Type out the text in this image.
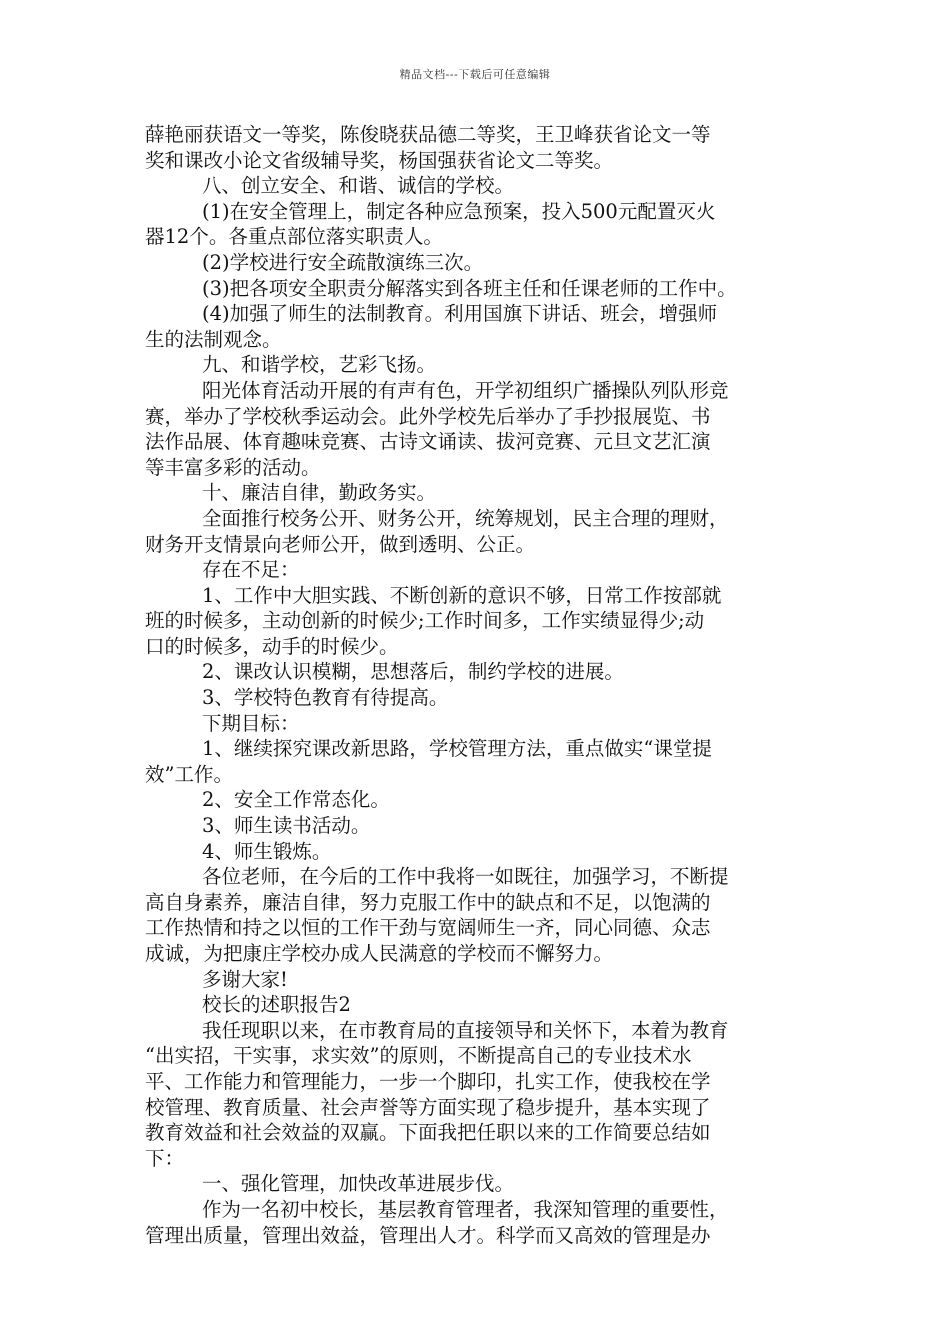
精品文档---下载后可任意编辑
薛艳丽获语文一等奖，陈俊晓获品德二等奖，王卫峰获省论文一等
奖和课改小论文省级辅导奖，杨国强获省论文二等奖。
八、创立安全、和谐、诚信的学校。
(1)在安全管理上，制定各种应急预案，投入500元配置灭火
器12个。各重点部位落实职责人。
(2)学校进行安全疏散演练三次。
(3)把各项安全职责分解落实到各班主任和任课老师的工作中。
(4)加强了师生的法制教育。利用国旗下讲话、班会，增强师
生的法制观念。
九、和谐学校，艺彩飞扬。
阳光体育活动开展的有声有色，开学初组织广播操队列队形竞
赛，举办了学校秋季运动会。此外学校先后举办了手抄报展览、书
法作品展、体育趣味竞赛、古诗文诵读、拔河竞赛、元旦文艺汇演
等丰富多彩的活动。
十、廉洁自律，勤政务实。
全面推行校务公开、财务公开，统筹规划，民主合理的理财，
财务开支情景向老师公开，做到透明、公正。
存在不足：
1、工作中大胆实践、不断创新的意识不够，日常工作按部就
班的时候多，主动创新的时候少;工作时间多，工作实绩显得少;动
口的时候多，动手的时候少。
2、课改认识模糊，思想落后，制约学校的进展。
3、学校特色教育有待提高。
下期目标：
1、继续探究课改新思路，学校管理方法，重点做实“课堂提
效”工作。
2、安全工作常态化。
3、师生读书活动。
4、师生锻炼。
各位老师，在今后的工作中我将一如既往，加强学习，不断提
高自身素养，廉洁自律，努力克服工作中的缺点和不足，以饱满的
工作热情和持之以恒的工作干劲与宽阔师生一齐，同心同德、众志
成诚，为把康庄学校办成人民满意的学校而不懈努力。
多谢大家!
校长的述职报告2
我任现职以来，在市教育局的直接领导和关怀下，本着为教育
“出实招，干实事，求实效”的原则，不断提高自己的专业技术水
平、工作能力和管理能力，一步一个脚印，扎实工作，使我校在学
校管理、教育质量、社会声誉等方面实现了稳步提升，基本实现了
教育效益和社会效益的双赢。下面我把任职以来的工作简要总结如
下：
一、强化管理，加快改革进展步伐。
作为一名初中校长，基层教育管理者，我深知管理的重要性，
管理出质量，管理出效益，管理出人才。科学而又高效的管理是办
